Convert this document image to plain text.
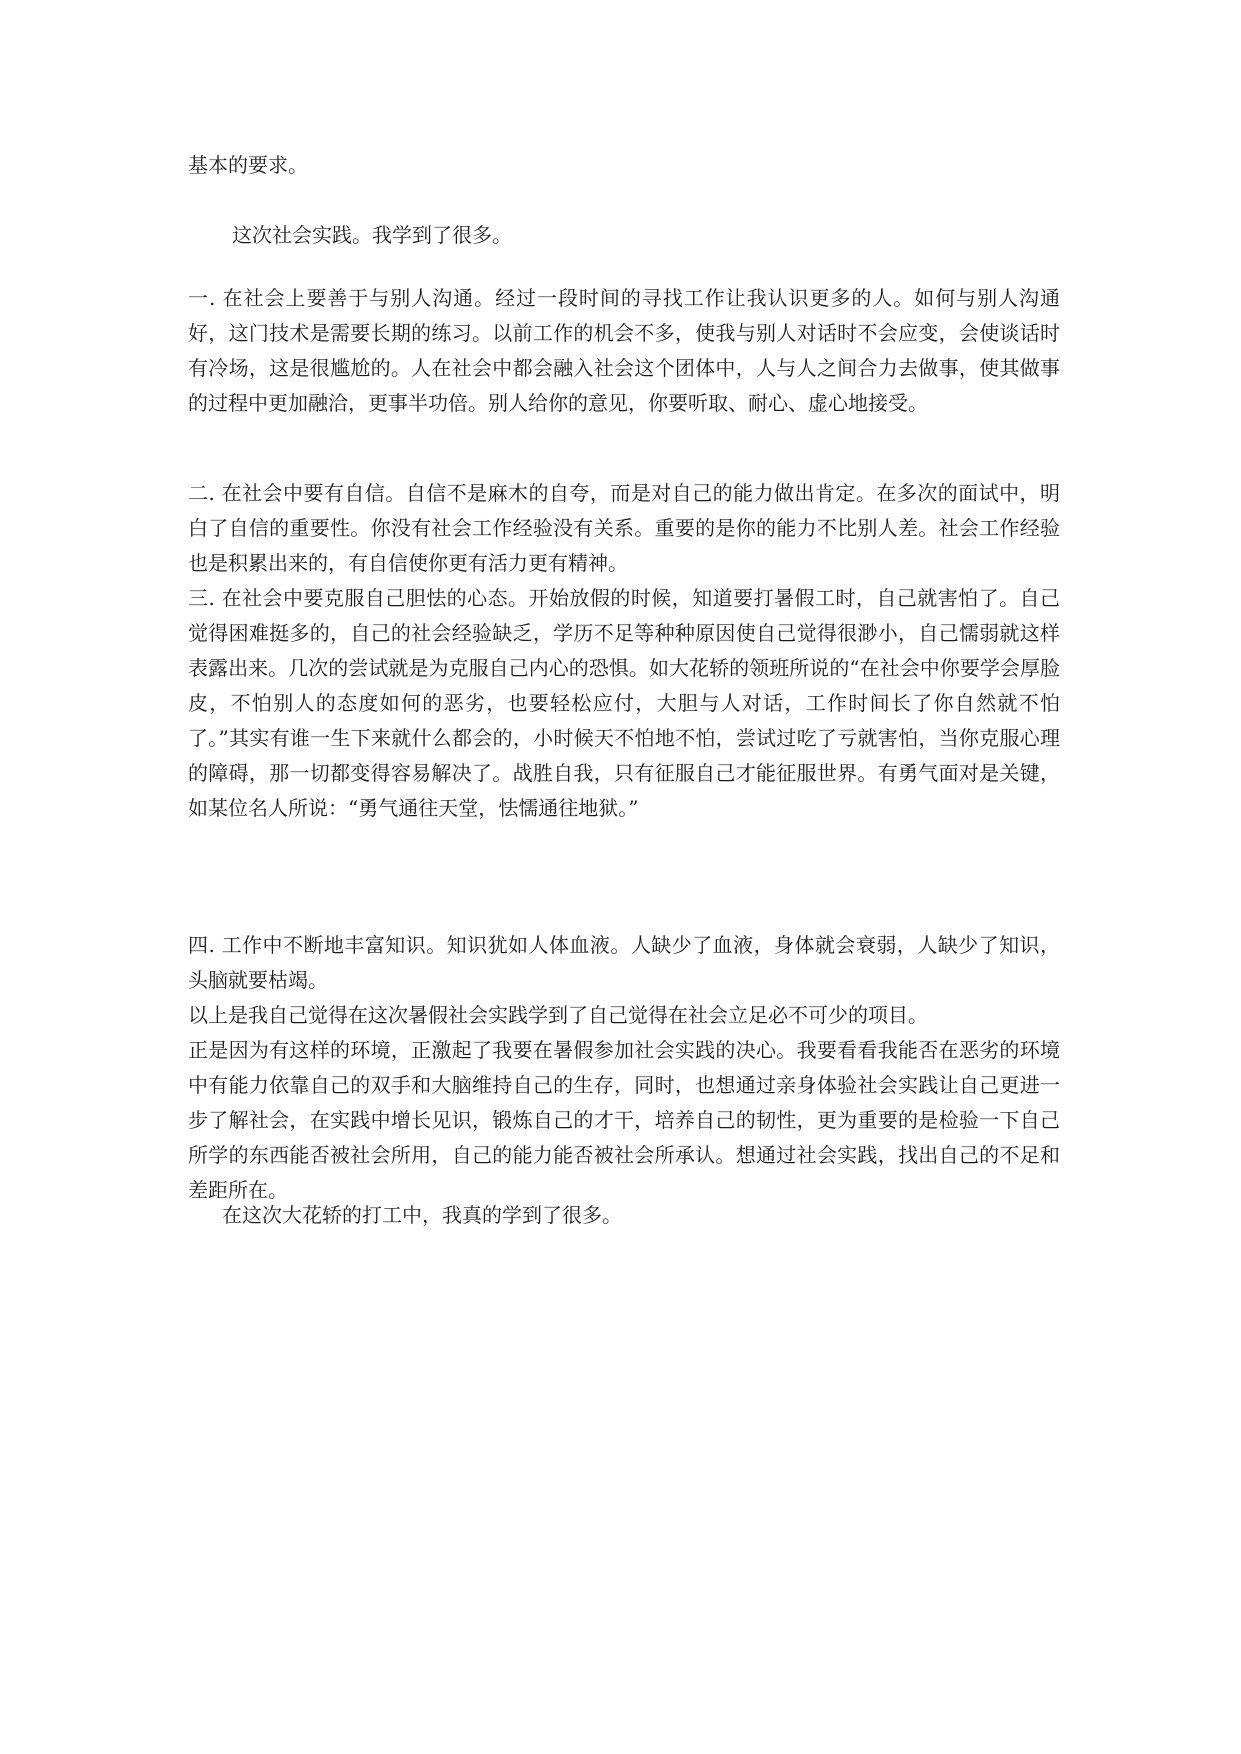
基本的要求。

这次社会实践。我学到了很多。

一. 在社会上要善于与别人沟通。经过一段时间的寻找工作让我认识更多的人。如何与别人沟通好，这门技术是需要长期的练习。以前工作的机会不多，使我与别人对话时不会应变，会使谈话时有冷场，这是很尴尬的。人在社会中都会融入社会这个团体中，人与人之间合力去做事，使其做事的过程中更加融洽，更事半功倍。别人给你的意见，你要听取、耐心、虚心地接受。

二. 在社会中要有自信。自信不是麻木的自夸，而是对自己的能力做出肯定。在多次的面试中，明白了自信的重要性。你没有社会工作经验没有关系。重要的是你的能力不比别人差。社会工作经验也是积累出来的，有自信使你更有活力更有精神。

三. 在社会中要克服自己胆怯的心态。开始放假的时候，知道要打暑假工时，自己就害怕了。自己觉得困难挺多的，自己的社会经验缺乏，学历不足等种种原因使自己觉得很渺小，自己懦弱就这样表露出来。几次的尝试就是为克服自己内心的恐惧。如大花轿的领班所说的“在社会中你要学会厚脸皮，不怕别人的态度如何的恶劣，也要轻松应付，大胆与人对话，工作时间长了你自然就不怕了。”其实有谁一生下来就什么都会的，小时候天不怕地不怕，尝试过吃了亏就害怕，当你克服心理的障碍，那一切都变得容易解决了。战胜自我，只有征服自己才能征服世界。有勇气面对是关键，如某位名人所说：“勇气通往天堂，怯懦通往地狱。”

四. 工作中不断地丰富知识。知识犹如人体血液。人缺少了血液，身体就会衰弱，人缺少了知识，头脑就要枯竭。

以上是我自己觉得在这次暑假社会实践学到了自己觉得在社会立足必不可少的项目。

正是因为有这样的环境，正激起了我要在暑假参加社会实践的决心。我要看看我能否在恶劣的环境中有能力依靠自己的双手和大脑维持自己的生存，同时，也想通过亲身体验社会实践让自己更进一步了解社会，在实践中增长见识，锻炼自己的才干，培养自己的韧性，更为重要的是检验一下自己所学的东西能否被社会所用，自己的能力能否被社会所承认。想通过社会实践，找出自己的不足和差距所在。

在这次大花轿的打工中，我真的学到了很多。
